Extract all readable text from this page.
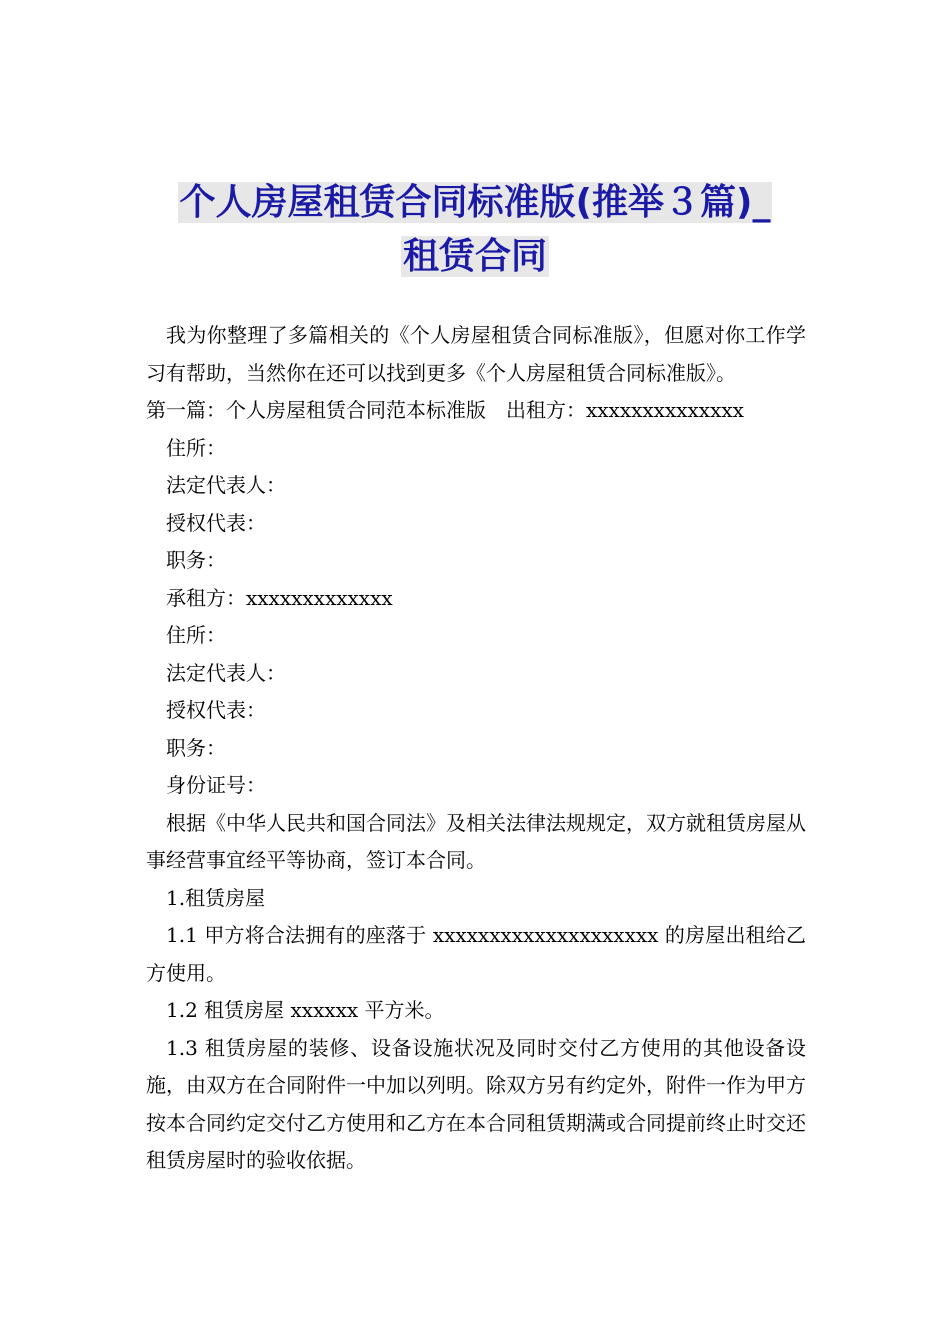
个人房屋租赁合同标准版(推举３篇)_
租赁合同

我为你整理了多篇相关的《个人房屋租赁合同标准版》，但愿对你工作学习有帮助，当然你在还可以找到更多《个人房屋租赁合同标准版》。

第一篇：个人房屋租赁合同范本标准版 出租方：xxxxxxxxxxxxxx

住所：

法定代表人：

授权代表：

职务：

承租方：xxxxxxxxxxxxx

住所：

法定代表人：

授权代表：

职务：

身份证号：

根据《中华人民共和国合同法》及相关法律法规规定，双方就租赁房屋从事经营事宜经平等协商，签订本合同。

1.租赁房屋

1.1 甲方将合法拥有的座落于 xxxxxxxxxxxxxxxxxxxx 的房屋出租给乙方使用。

1.2 租赁房屋 xxxxxx 平方米。

1.3 租赁房屋的装修、设备设施状况及同时交付乙方使用的其他设备设施，由双方在合同附件一中加以列明。除双方另有约定外，附件一作为甲方按本合同约定交付乙方使用和乙方在本合同租赁期满或合同提前终止时交还租赁房屋时的验收依据。
